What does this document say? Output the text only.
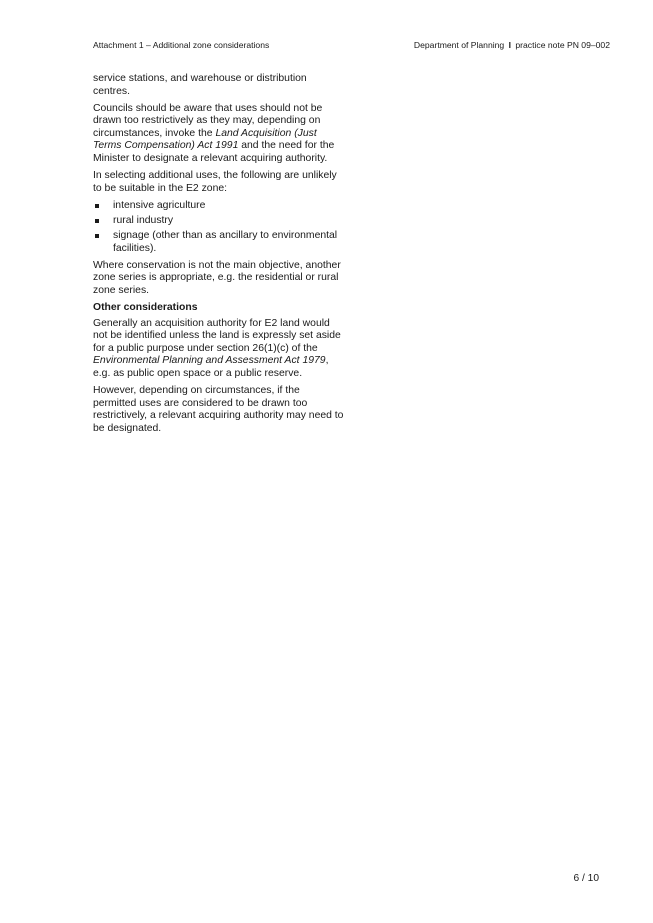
Attachment 1 – Additional zone considerations	Department of Planning I practice note PN 09–002

service stations, and warehouse or distribution centres.

Councils should be aware that uses should not be drawn too restrictively as they may, depending on circumstances, invoke the Land Acquisition (Just Terms Compensation) Act 1991 and the need for the Minister to designate a relevant acquiring authority.

In selecting additional uses, the following are unlikely to be suitable in the E2 zone:

intensive agriculture
rural industry
signage (other than as ancillary to environmental facilities).

Where conservation is not the main objective, another zone series is appropriate, e.g. the residential or rural zone series.

Other considerations

Generally an acquisition authority for E2 land would not be identified unless the land is expressly set aside for a public purpose under section 26(1)(c) of the Environmental Planning and Assessment Act 1979, e.g. as public open space or a public reserve.

However, depending on circumstances, if the permitted uses are considered to be drawn too restrictively, a relevant acquiring authority may need to be designated.

6 / 10
